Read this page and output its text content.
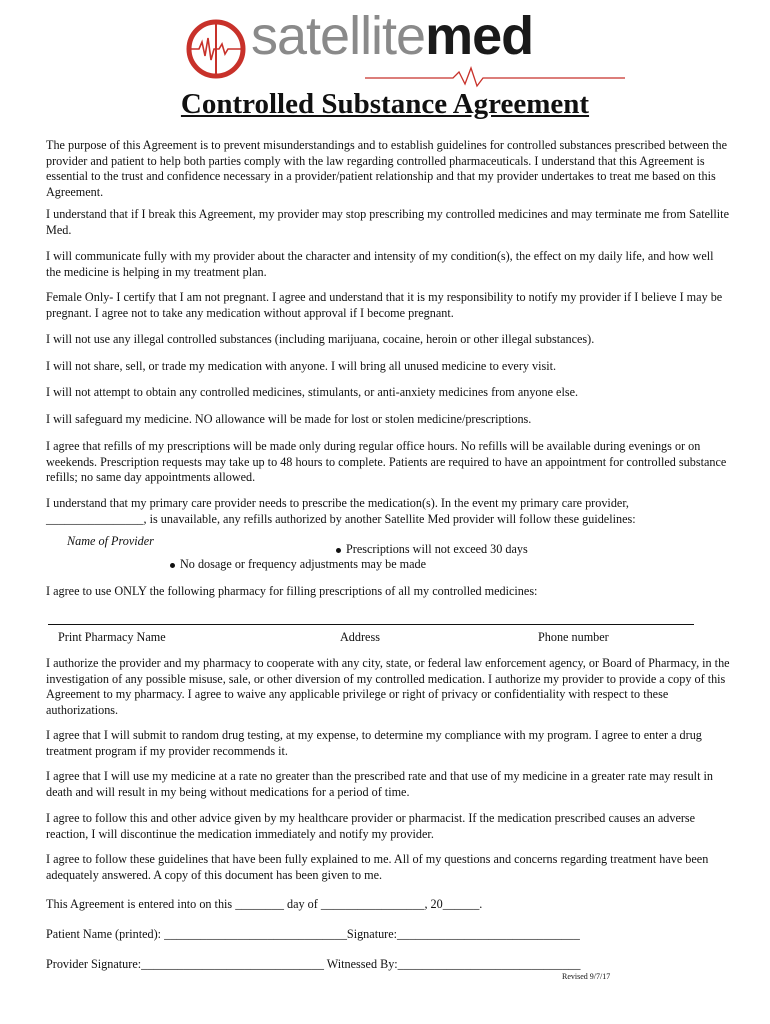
satellitemed
Controlled Substance Agreement

The purpose of this Agreement is to prevent misunderstandings and to establish guidelines for controlled substances prescribed between the provider and patient to help both parties comply with the law regarding controlled pharmaceuticals. I understand that this Agreement is essential to the trust and confidence necessary in a provider/patient relationship and that my provider undertakes to treat me based on this Agreement.

I understand that if I break this Agreement, my provider may stop prescribing my controlled medicines and may terminate me from Satellite Med.

I will communicate fully with my provider about the character and intensity of my condition(s), the effect on my daily life, and how well the medicine is helping in my treatment plan.

Female Only- I certify that I am not pregnant. I agree and understand that it is my responsibility to notify my provider if I believe I may be pregnant. I agree not to take any medication without approval if I become pregnant.

I will not use any illegal controlled substances (including marijuana, cocaine, heroin or other illegal substances).

I will not share, sell, or trade my medication with anyone. I will bring all unused medicine to every visit.

I will not attempt to obtain any controlled medicines, stimulants, or anti-anxiety medicines from anyone else.

I will safeguard my medicine. NO allowance will be made for lost or stolen medicine/prescriptions.

I agree that refills of my prescriptions will be made only during regular office hours. No refills will be available during evenings or on weekends. Prescription requests may take up to 48 hours to complete. Patients are required to have an appointment for controlled substance refills; no same day appointments allowed.

I understand that my primary care provider needs to prescribe the medication(s). In the event my primary care provider,
________________, is unavailable, any refills authorized by another Satellite Med provider will follow these guidelines:

Name of Provider

Prescriptions will not exceed 30 days

No dosage or frequency adjustments may be made

I agree to use ONLY the following pharmacy for filling prescriptions of all my controlled medicines:

Print Pharmacy Name	Address	Phone number

I authorize the provider and my pharmacy to cooperate with any city, state, or federal law enforcement agency, or Board of Pharmacy, in the investigation of any possible misuse, sale, or other diversion of my controlled medication. I authorize my provider to provide a copy of this Agreement to my pharmacy. I agree to waive any applicable privilege or right of privacy or confidentiality with respect to these authorizations.

I agree that I will submit to random drug testing, at my expense, to determine my compliance with my program. I agree to enter a drug treatment program if my provider recommends it.

I agree that I will use my medicine at a rate no greater than the prescribed rate and that use of my medicine in a greater rate may result in death and will result in my being without medications for a period of time.

I agree to follow this and other advice given by my healthcare provider or pharmacist. If the medication prescribed causes an adverse reaction, I will discontinue the medication immediately and notify my provider.

I agree to follow these guidelines that have been fully explained to me. All of my questions and concerns regarding treatment have been adequately answered. A copy of this document has been given to me.

This Agreement is entered into on this ________ day of _________________, 20______.

Patient Name (printed): ______________________________Signature:______________________________

Provider Signature:______________________________ Witnessed By:______________________________

Revised 9/7/17
